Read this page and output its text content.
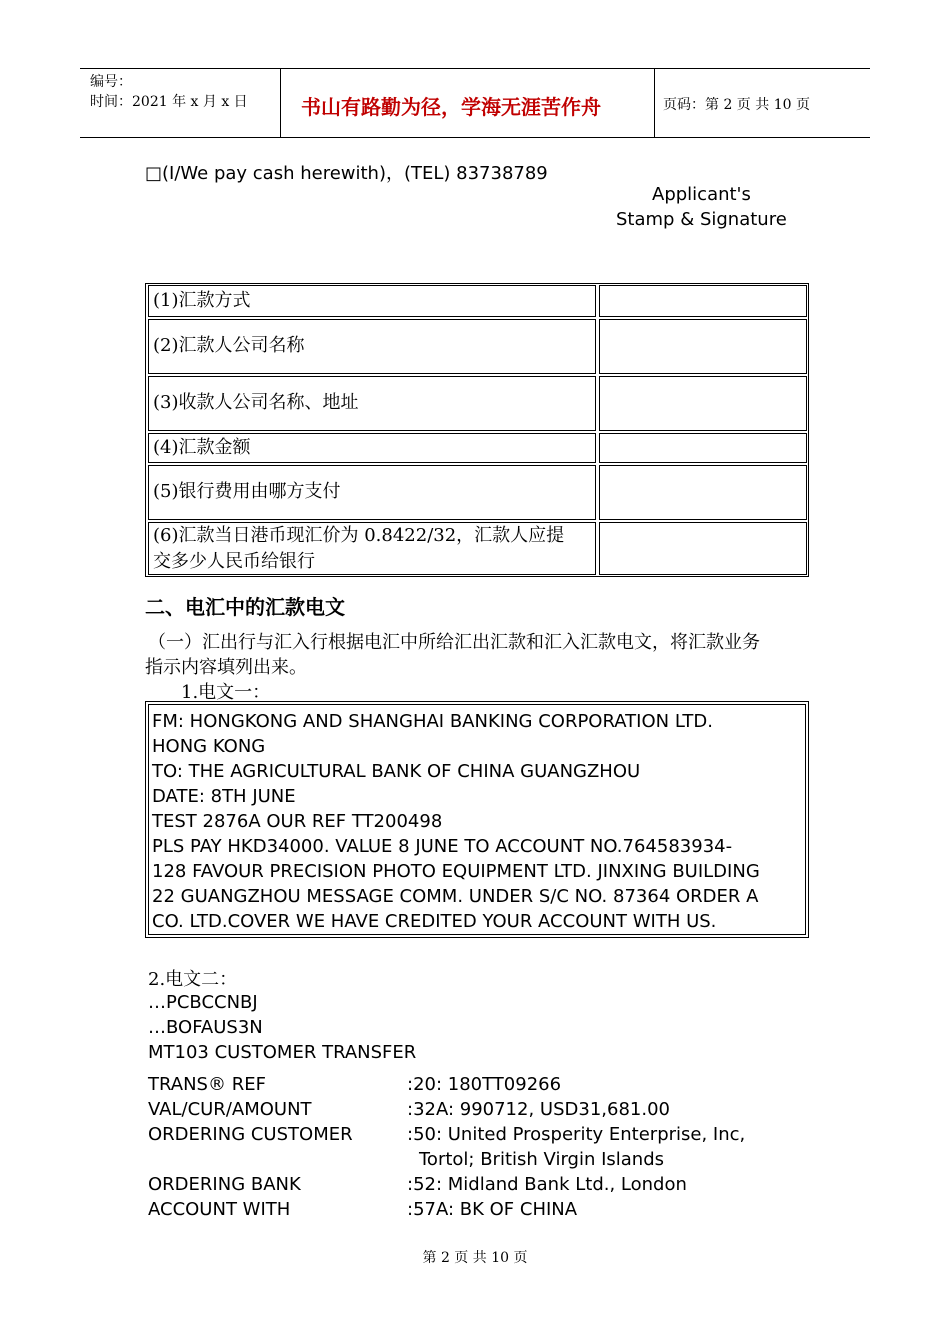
编号：
时间：2021 年 x 月 x 日	书山有路勤为径，学海无涯苦作舟	页码：第 2 页 共 10 页
□(I/We pay cash herewith)，(TEL) 83738789
Applicant's
Stamp & Signature
(1)汇款方式
(2)汇款人公司名称
(3)收款人公司名称、地址
(4)汇款金额
(5)银行费用由哪方支付
(6)汇款当日港币现汇价为 0.8422/32，汇款人应提
交多少人民币给银行
二、电汇中的汇款电文
（一）汇出行与汇入行根据电汇中所给汇出汇款和汇入汇款电文，将汇款业务
指示内容填列出来。
1.电文一：
FM: HONGKONG AND SHANGHAI BANKING CORPORATION LTD.
HONG KONG
TO: THE AGRICULTURAL BANK OF CHINA GUANGZHOU
DATE: 8TH JUNE
TEST 2876A OUR REF TT200498
PLS PAY HKD34000. VALUE 8 JUNE TO ACCOUNT NO.764583934-
128 FAVOUR PRECISION PHOTO EQUIPMENT LTD. JINXING BUILDING
22 GUANGZHOU MESSAGE COMM. UNDER S/C NO. 87364 ORDER A
CO. LTD.COVER WE HAVE CREDITED YOUR ACCOUNT WITH US.
2.电文二：
…PCBCCNBJ
…BOFAUS3N
MT103 CUSTOMER TRANSFER
TRANS® REF	:20: 180TT09266
VAL/CUR/AMOUNT	:32A: 990712, USD31,681.00
ORDERING CUSTOMER	:50: United Prosperity Enterprise, Inc,
Tortol; British Virgin Islands
ORDERING BANK	:52: Midland Bank Ltd., London
ACCOUNT WITH	:57A: BK OF CHINA
第 2 页 共 10 页
